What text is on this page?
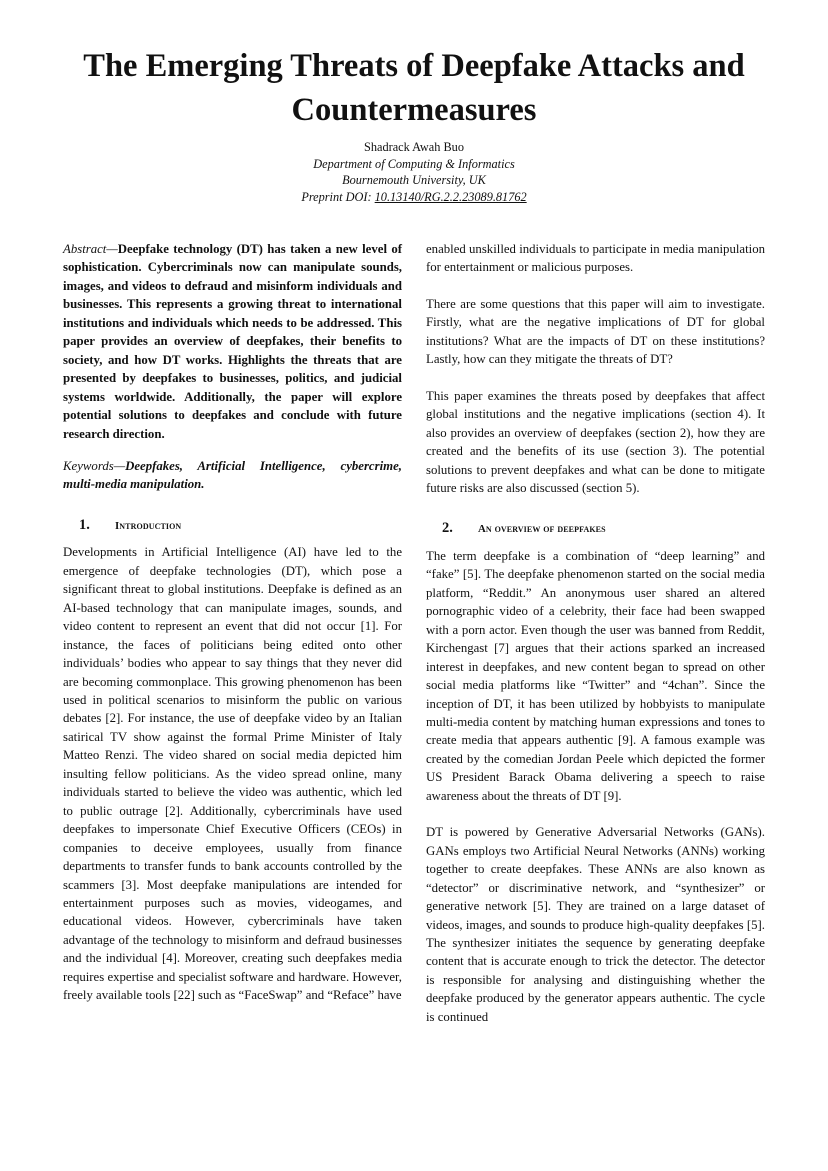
The Emerging Threats of Deepfake Attacks and Countermeasures
Shadrack Awah Buo
Department of Computing & Informatics
Bournemouth University, UK
Preprint DOI: 10.13140/RG.2.2.23089.81762

Abstract—Deepfake technology (DT) has taken a new level of sophistication. Cybercriminals now can manipulate sounds, images, and videos to defraud and misinform individuals and businesses. This represents a growing threat to international institutions and individuals which needs to be addressed. This paper provides an overview of deepfakes, their benefits to society, and how DT works. Highlights the threats that are presented by deepfakes to businesses, politics, and judicial systems worldwide. Additionally, the paper will explore potential solutions to deepfakes and conclude with future research direction.

Keywords—Deepfakes, Artificial Intelligence, cybercrime, multi-media manipulation.

1.	Introduction

Developments in Artificial Intelligence (AI) have led to the emergence of deepfake technologies (DT), which pose a significant threat to global institutions. Deepfake is defined as an AI-based technology that can manipulate images, sounds, and video content to represent an event that did not occur [1]. For instance, the faces of politicians being edited onto other individuals’ bodies who appear to say things that they never did are becoming commonplace. This growing phenomenon has been used in political scenarios to misinform the public on various debates [2]. For instance, the use of deepfake video by an Italian satirical TV show against the formal Prime Minister of Italy Matteo Renzi. The video shared on social media depicted him insulting fellow politicians. As the video spread online, many individuals started to believe the video was authentic, which led to public outrage [2]. Additionally, cybercriminals have used deepfakes to impersonate Chief Executive Officers (CEOs) in companies to deceive employees, usually from finance departments to transfer funds to bank accounts controlled by the scammers [3]. Most deepfake manipulations are intended for entertainment purposes such as movies, videogames, and educational videos. However, cybercriminals have taken advantage of the technology to misinform and defraud businesses and the individual [4]. Moreover, creating such deepfakes media requires expertise and specialist software and hardware. However, freely available tools [22] such as “FaceSwap” and “Reface” have

enabled unskilled individuals to participate in media manipulation for entertainment or malicious purposes.

There are some questions that this paper will aim to investigate. Firstly, what are the negative implications of DT for global institutions? What are the impacts of DT on these institutions? Lastly, how can they mitigate the threats of DT?

This paper examines the threats posed by deepfakes that affect global institutions and the negative implications (section 4). It also provides an overview of deepfakes (section 2), how they are created and the benefits of its use (section 3). The potential solutions to prevent deepfakes and what can be done to mitigate future risks are also discussed (section 5).

2.	An overview of deepfakes

The term deepfake is a combination of “deep learning” and “fake” [5]. The deepfake phenomenon started on the social media platform, “Reddit.” An anonymous user shared an altered pornographic video of a celebrity, their face had been swapped with a porn actor. Even though the user was banned from Reddit, Kirchengast [7] argues that their actions sparked an increased interest in deepfakes, and new content began to spread on other social media platforms like “Twitter” and “4chan”. Since the inception of DT, it has been utilized by hobbyists to manipulate multi-media content by matching human expressions and tones to create media that appears authentic [9]. A famous example was created by the comedian Jordan Peele which depicted the former US President Barack Obama delivering a speech to raise awareness about the threats of DT [9].

DT is powered by Generative Adversarial Networks (GANs). GANs employs two Artificial Neural Networks (ANNs) working together to create deepfakes. These ANNs are also known as “detector” or discriminative network, and “synthesizer” or generative network [5]. They are trained on a large dataset of videos, images, and sounds to produce high-quality deepfakes [5]. The synthesizer initiates the sequence by generating deepfake content that is accurate enough to trick the detector. The detector is responsible for analysing and distinguishing whether the deepfake produced by the generator appears authentic. The cycle is continued
